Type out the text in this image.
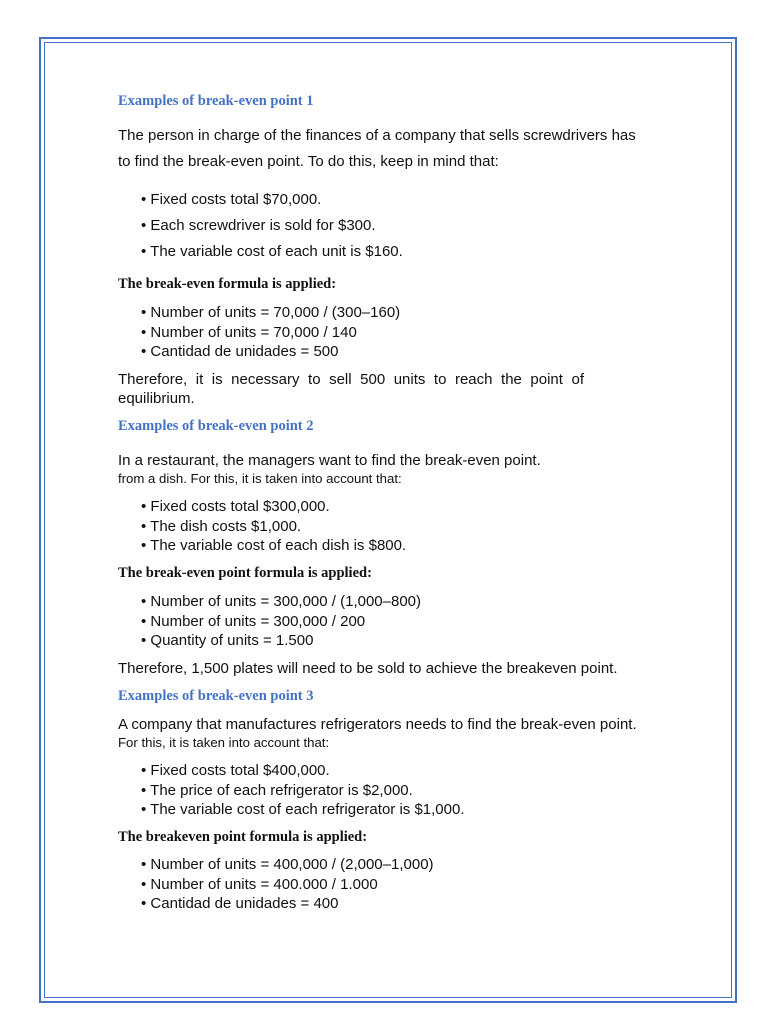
Examples of break-even point 1
The person in charge of the finances of a company that sells screwdrivers has
to find the break-even point. To do this, keep in mind that:
• Fixed costs total $70,000.
• Each screwdriver is sold for $300.
• The variable cost of each unit is $160.
The break-even formula is applied:
• Number of units = 70,000 / (300–160)
• Number of units = 70,000 / 140
• Cantidad de unidades = 500
Therefore, it is necessary to sell 500 units to reach the point of
equilibrium.
Examples of break-even point 2
In a restaurant, the managers want to find the break-even point.
from a dish. For this, it is taken into account that:
• Fixed costs total $300,000.
• The dish costs $1,000.
• The variable cost of each dish is $800.
The break-even point formula is applied:
• Number of units = 300,000 / (1,000–800)
• Number of units = 300,000 / 200
• Quantity of units = 1.500
Therefore, 1,500 plates will need to be sold to achieve the breakeven point.
Examples of break-even point 3
A company that manufactures refrigerators needs to find the break-even point.
For this, it is taken into account that:
• Fixed costs total $400,000.
• The price of each refrigerator is $2,000.
• The variable cost of each refrigerator is $1,000.
The breakeven point formula is applied:
• Number of units = 400,000 / (2,000–1,000)
• Number of units = 400.000 / 1.000
• Cantidad de unidades = 400
